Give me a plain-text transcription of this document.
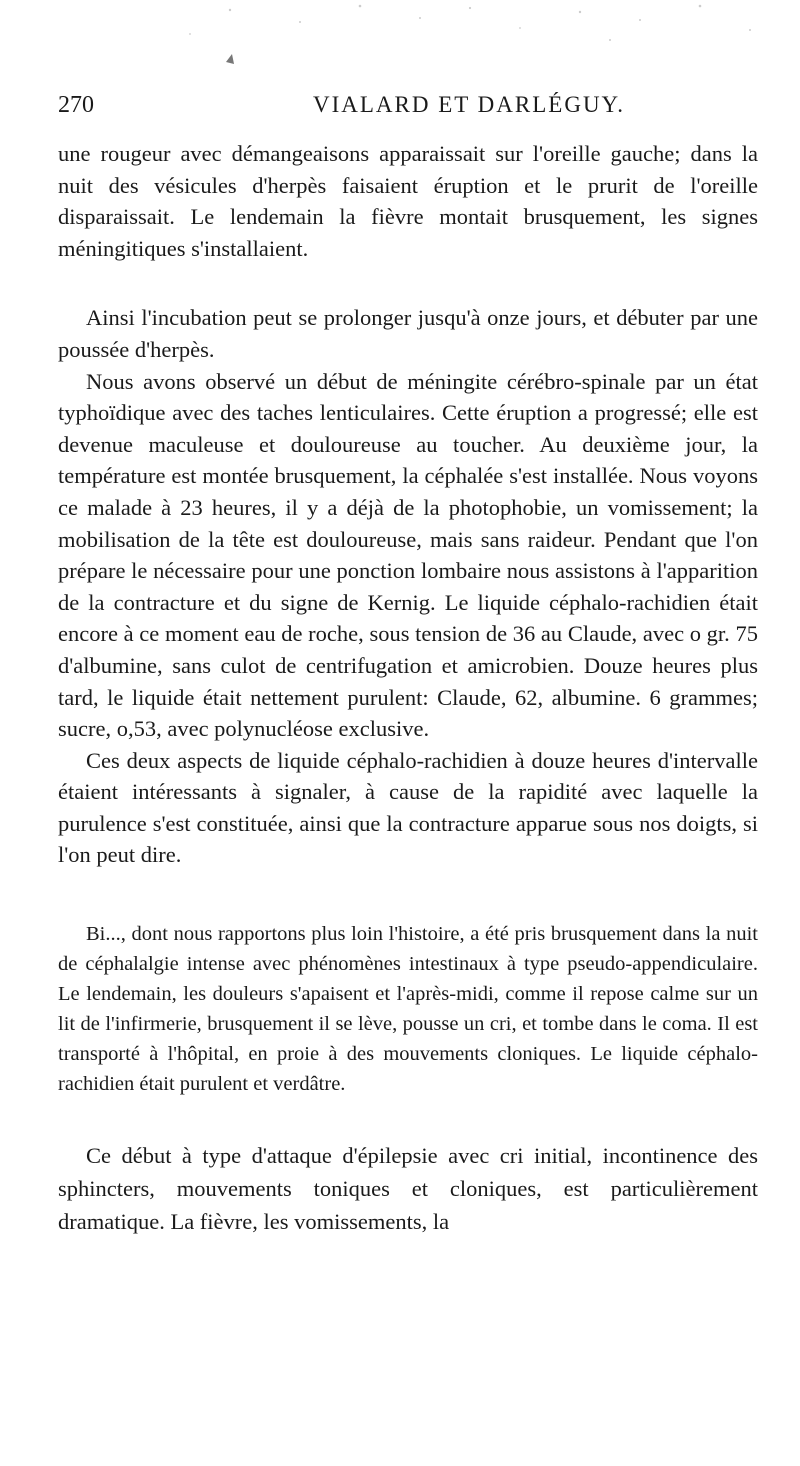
270	VIALARD ET DARLÉGUY.

une rougeur avec démangeaisons apparaissait sur l'oreille gauche; dans la nuit des vésicules d'herpès faisaient éruption et le prurit de l'oreille disparaissait. Le lendemain la fièvre montait brusquement, les signes méningitiques s'installaient.

Ainsi l'incubation peut se prolonger jusqu'à onze jours, et débuter par une poussée d'herpès.

Nous avons observé un début de méningite cérébro-spinale par un état typhoïdique avec des taches lenticulaires. Cette éruption a progressé; elle est devenue maculeuse et douloureuse au toucher. Au deuxième jour, la température est montée brusquement, la céphalée s'est installée. Nous voyons ce malade à 23 heures, il y a déjà de la photophobie, un vomissement; la mobilisation de la tête est douloureuse, mais sans raideur. Pendant que l'on prépare le nécessaire pour une ponction lombaire nous assistons à l'apparition de la contracture et du signe de Kernig. Le liquide céphalo-rachidien était encore à ce moment eau de roche, sous tension de 36 au Claude, avec o gr. 75 d'albumine, sans culot de centrifugation et amicrobien. Douze heures plus tard, le liquide était nettement purulent: Claude, 62, albumine. 6 grammes; sucre, o,53, avec polynucléose exclusive.

Ces deux aspects de liquide céphalo-rachidien à douze heures d'intervalle étaient intéressants à signaler, à cause de la rapidité avec laquelle la purulence s'est constituée, ainsi que la contracture apparue sous nos doigts, si l'on peut dire.

Bi..., dont nous rapportons plus loin l'histoire, a été pris brusquement dans la nuit de céphalalgie intense avec phénomènes intestinaux à type pseudo-appendiculaire. Le lendemain, les douleurs s'apaisent et l'après-midi, comme il repose calme sur un lit de l'infirmerie, brusquement il se lève, pousse un cri, et tombe dans le coma. Il est transporté à l'hôpital, en proie à des mouvements cloniques. Le liquide céphalo-rachidien était purulent et verdâtre.

Ce début à type d'attaque d'épilepsie avec cri initial, incontinence des sphincters, mouvements toniques et cloniques, est particulièrement dramatique. La fièvre, les vomissements, la
